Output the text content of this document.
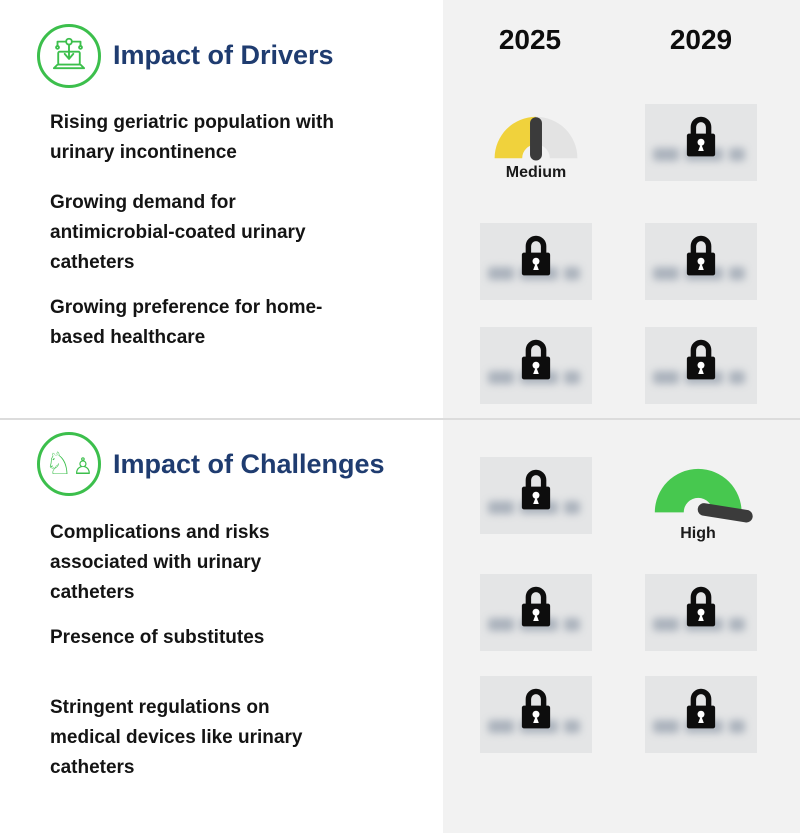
2025	2029
Impact of Drivers
Rising geriatric population with urinary incontinence
Growing demand for antimicrobial-coated urinary catheters
Growing preference for home-based healthcare
♘♙ Impact of Challenges
Complications and risks associated with urinary catheters
Presence of substitutes
Stringent regulations on medical devices like urinary catheters
Medium
High
